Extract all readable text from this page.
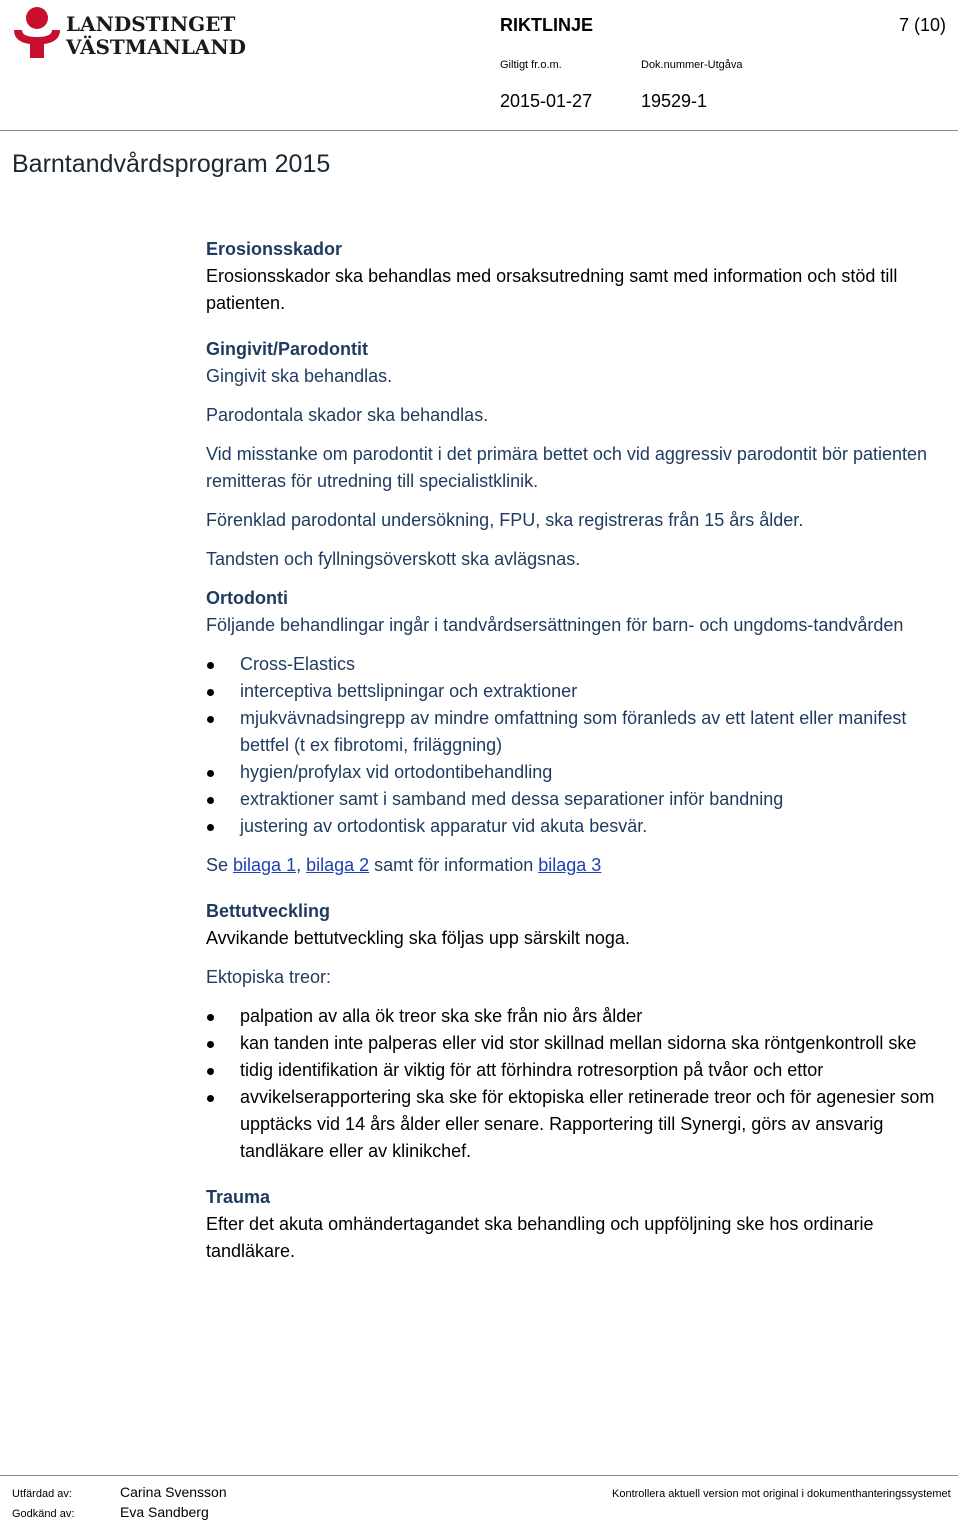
LANDSTINGET
VÄSTMANLAND
RIKTLINJE	7 (10)
Giltigt fr.o.m.	Dok.nummer-Utgåva
2015-01-27	19529-1
Barntandvårdsprogram 2015

Erosionsskador

Erosionsskador ska behandlas med orsaksutredning samt med information och stöd till patienten.

Gingivit/Parodontit

Gingivit ska behandlas.

Parodontala skador ska behandlas.

Vid misstanke om parodontit i det primära bettet och vid aggressiv parodontit bör patienten remitteras för utredning till specialistklinik.

Förenklad parodontal undersökning, FPU, ska registreras från 15 års ålder.

Tandsten och fyllningsöverskott ska avlägsnas.

Ortodonti

Följande behandlingar ingår i tandvårdsersättningen för barn- och ungdoms-tandvården

Cross-Elastics
interceptiva bettslipningar och extraktioner
mjukvävnadsingrepp av mindre omfattning som föranleds av ett latent eller manifest bettfel (t ex fibrotomi, friläggning)
hygien/profylax vid ortodontibehandling
extraktioner samt i samband med dessa separationer inför bandning
justering av ortodontisk apparatur vid akuta besvär.

Se bilaga 1, bilaga 2 samt för information bilaga 3

Bettutveckling

Avvikande bettutveckling ska följas upp särskilt noga.

Ektopiska treor:

palpation av alla ök treor ska ske från nio års ålder
kan tanden inte palperas eller vid stor skillnad mellan sidorna ska röntgenkontroll ske
tidig identifikation är viktig för att förhindra rotresorption på tvåor och ettor
avvikelserapportering ska ske för ektopiska eller retinerade treor och för agenesier som upptäcks vid 14 års ålder eller senare. Rapportering till Synergi, görs av ansvarig tandläkare eller av klinikchef.

Trauma

Efter det akuta omhändertagandet ska behandling och uppföljning ske hos ordinarie tandläkare.

Utfärdad av:	Carina Svensson
Godkänd av:	Eva Sandberg
Kontrollera aktuell version mot original i dokumenthanteringssystemet
